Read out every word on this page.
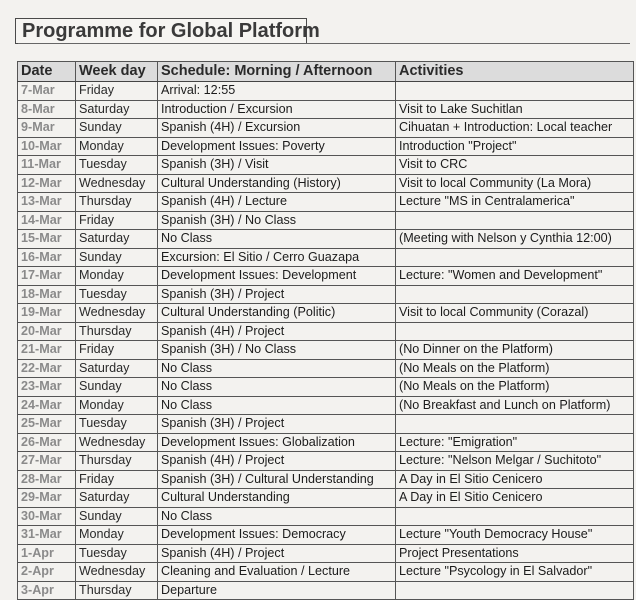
Programme for Global Platform
Date	Week day	Schedule: Morning / Afternoon	Activities
7-Mar	Friday	Arrival: 12:55	
8-Mar	Saturday	Introduction / Excursion	Visit to Lake Suchitlan
9-Mar	Sunday	Spanish (4H) / Excursion	Cihuatan + Introduction: Local teacher
10-Mar	Monday	Development Issues: Poverty	Introduction "Project"
11-Mar	Tuesday	Spanish (3H) / Visit	Visit to CRC
12-Mar	Wednesday	Cultural Understanding (History)	Visit to local Community (La Mora)
13-Mar	Thursday	Spanish (4H) / Lecture	Lecture "MS in Centralamerica"
14-Mar	Friday	Spanish (3H) / No Class	
15-Mar	Saturday	No Class	(Meeting with Nelson y Cynthia 12:00)
16-Mar	Sunday	Excursion: El Sitio / Cerro Guazapa	
17-Mar	Monday	Development Issues: Development	Lecture: "Women and Development"
18-Mar	Tuesday	Spanish (3H) / Project	
19-Mar	Wednesday	Cultural Understanding (Politic)	Visit to local Community (Corazal)
20-Mar	Thursday	Spanish (4H) / Project	
21-Mar	Friday	Spanish (3H) / No Class	(No Dinner on the Platform)
22-Mar	Saturday	No Class	(No Meals on the Platform)
23-Mar	Sunday	No Class	(No Meals on the Platform)
24-Mar	Monday	No Class	(No Breakfast and Lunch on Platform)
25-Mar	Tuesday	Spanish (3H) / Project	
26-Mar	Wednesday	Development Issues: Globalization	Lecture: "Emigration"
27-Mar	Thursday	Spanish (4H) / Project	Lecture: "Nelson Melgar / Suchitoto"
28-Mar	Friday	Spanish (3H) / Cultural Understanding	A Day in El Sitio Cenicero
29-Mar	Saturday	Cultural Understanding	A Day in El Sitio Cenicero
30-Mar	Sunday	No Class	
31-Mar	Monday	Development Issues: Democracy	Lecture "Youth Democracy House"
1-Apr	Tuesday	Spanish (4H) / Project	Project Presentations
2-Apr	Wednesday	Cleaning and Evaluation / Lecture	Lecture "Psycology in El Salvador"
3-Apr	Thursday	Departure	
